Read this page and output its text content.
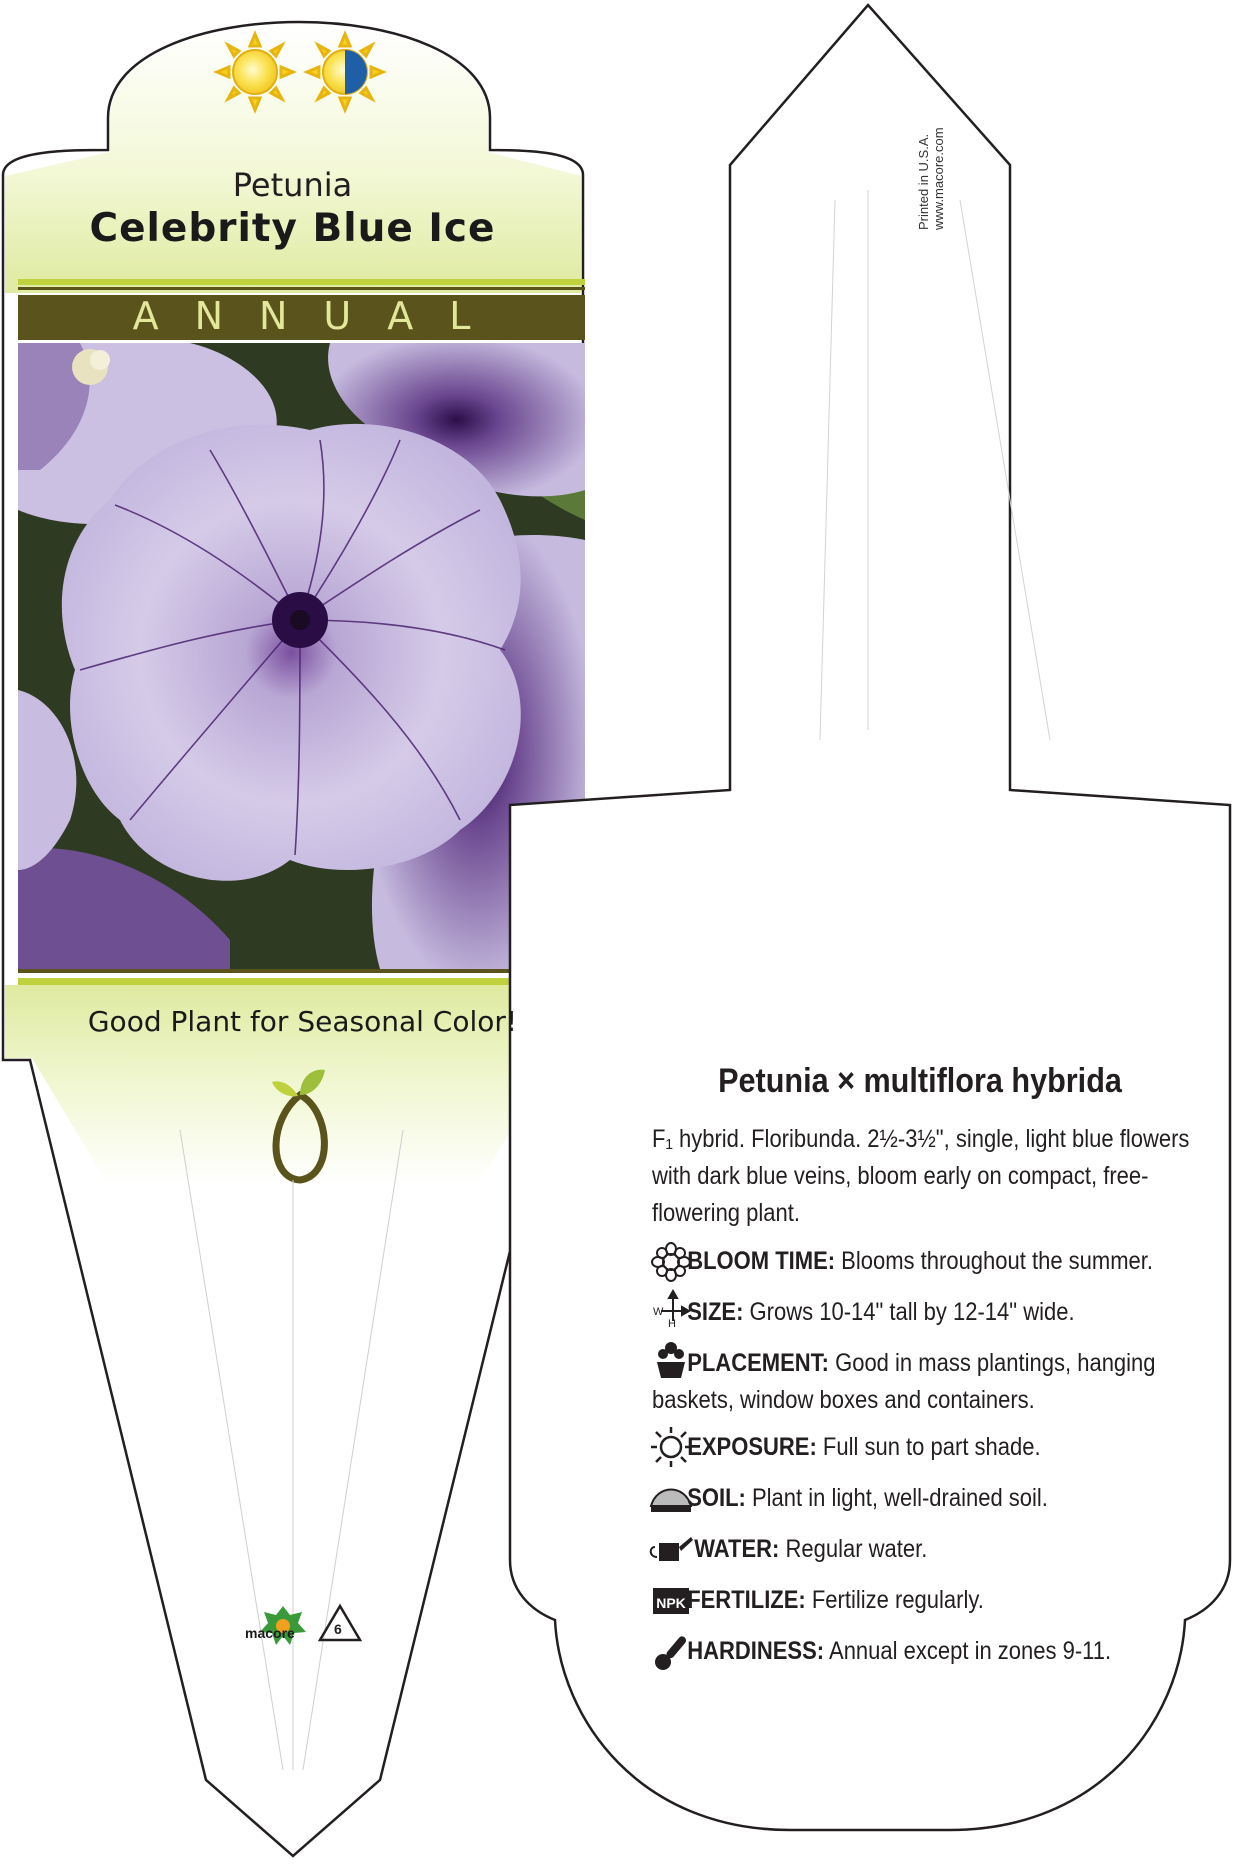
NPK
Petunia
Celebrity Blue Ice
ANNUAL
Good Plant for Seasonal Color!
macore	6
Printed in U.S.A. www.macore.com
Petunia × multiflora hybrida
F₁ hybrid. Floribunda. 2½-3½", single, light blue flowers with dark blue veins, bloom early on compact, free-flowering plant.
BLOOM TIME: Blooms throughout the summer.
SIZE: Grows 10-14" tall by 12-14" wide.
W
H
PLACEMENT: Good in mass plantings, hanging baskets, window boxes and containers.
EXPOSURE: Full sun to part shade.
SOIL: Plant in light, well-drained soil.
WATER: Regular water.
FERTILIZE: Fertilize regularly.
HARDINESS: Annual except in zones 9-11.
